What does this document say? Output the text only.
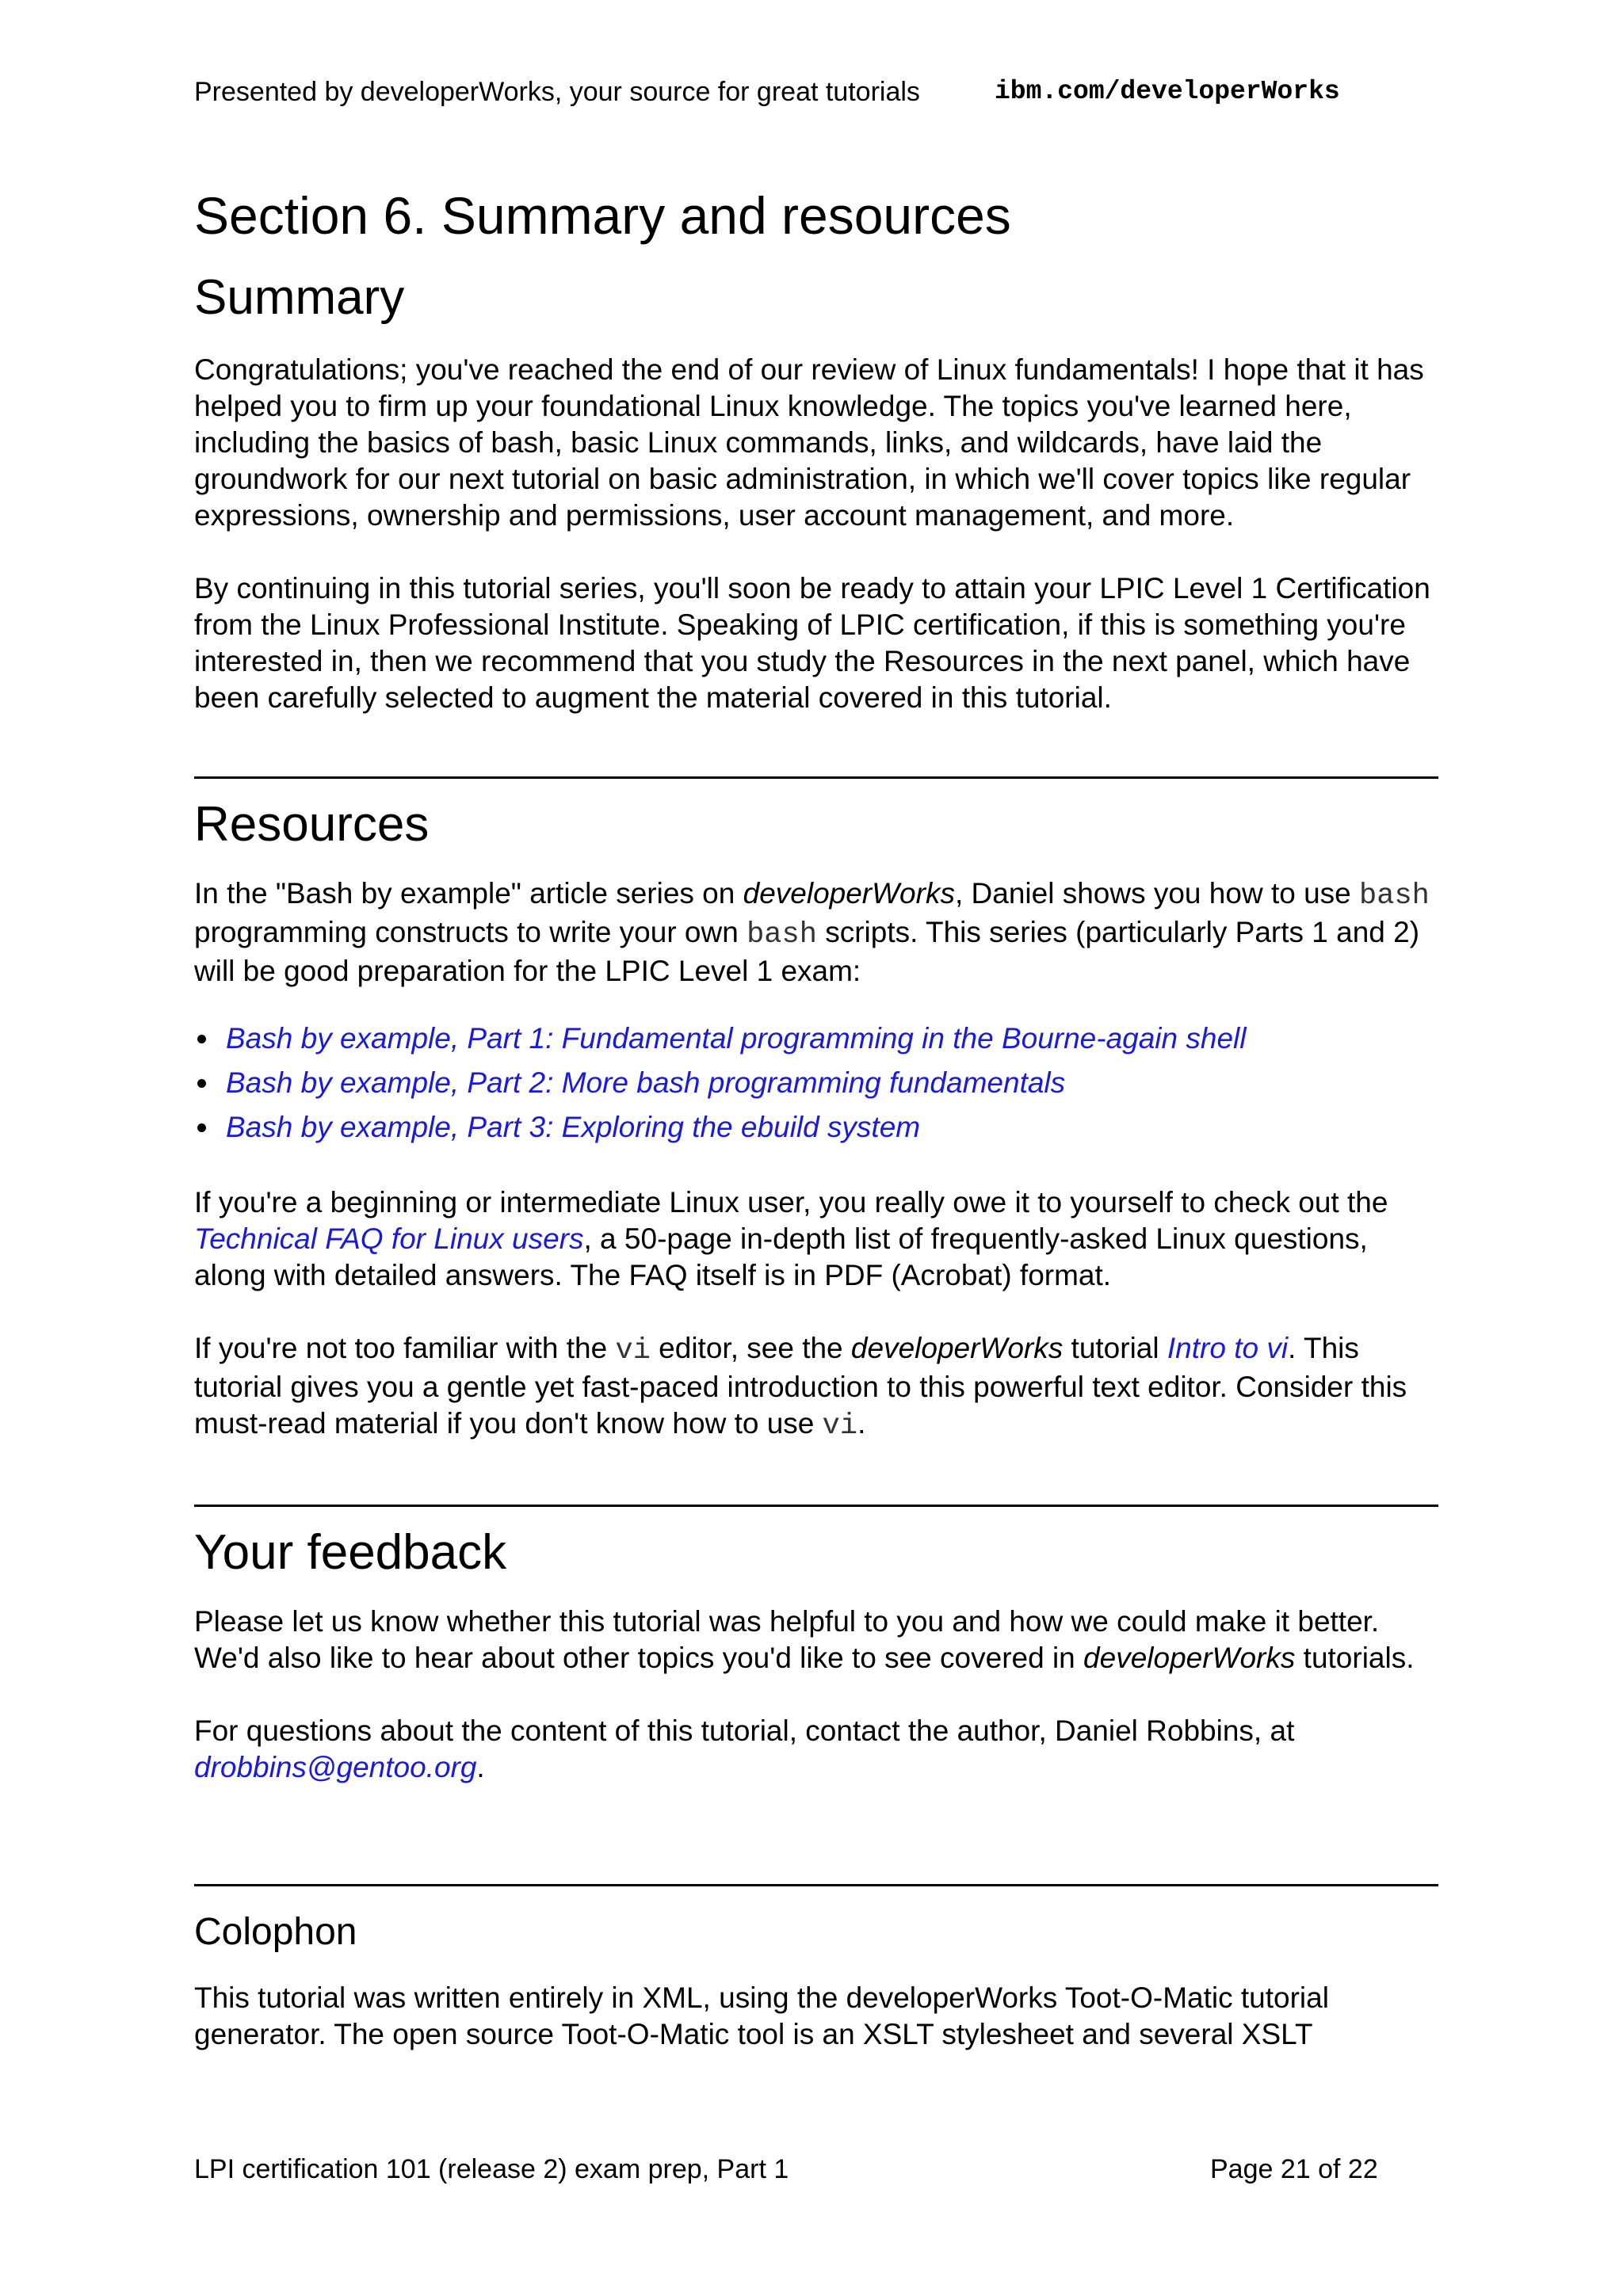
Presented by developerWorks, your source for great tutorials	ibm.com/developerWorks
Section 6. Summary and resources
Summary

Congratulations; you've reached the end of our review of Linux fundamentals! I hope that it has helped you to firm up your foundational Linux knowledge. The topics you've learned here, including the basics of bash, basic Linux commands, links, and wildcards, have laid the groundwork for our next tutorial on basic administration, in which we'll cover topics like regular expressions, ownership and permissions, user account management, and more.

By continuing in this tutorial series, you'll soon be ready to attain your LPIC Level 1 Certification from the Linux Professional Institute. Speaking of LPIC certification, if this is something you're interested in, then we recommend that you study the Resources in the next panel, which have been carefully selected to augment the material covered in this tutorial.

Resources

In the "Bash by example" article series on developerWorks, Daniel shows you how to use bash programming constructs to write your own bash scripts. This series (particularly Parts 1 and 2) will be good preparation for the LPIC Level 1 exam:

Bash by example, Part 1: Fundamental programming in the Bourne-again shell
Bash by example, Part 2: More bash programming fundamentals
Bash by example, Part 3: Exploring the ebuild system

If you're a beginning or intermediate Linux user, you really owe it to yourself to check out the Technical FAQ for Linux users, a 50-page in-depth list of frequently-asked Linux questions, along with detailed answers. The FAQ itself is in PDF (Acrobat) format.

If you're not too familiar with the vi editor, see the developerWorks tutorial Intro to vi. This tutorial gives you a gentle yet fast-paced introduction to this powerful text editor. Consider this must-read material if you don't know how to use vi.

Your feedback

Please let us know whether this tutorial was helpful to you and how we could make it better. We'd also like to hear about other topics you'd like to see covered in developerWorks tutorials.

For questions about the content of this tutorial, contact the author, Daniel Robbins, at drobbins@gentoo.org.

Colophon

This tutorial was written entirely in XML, using the developerWorks Toot-O-Matic tutorial generator. The open source Toot-O-Matic tool is an XSLT stylesheet and several XSLT

LPI certification 101 (release 2) exam prep, Part 1	Page 21 of 22
